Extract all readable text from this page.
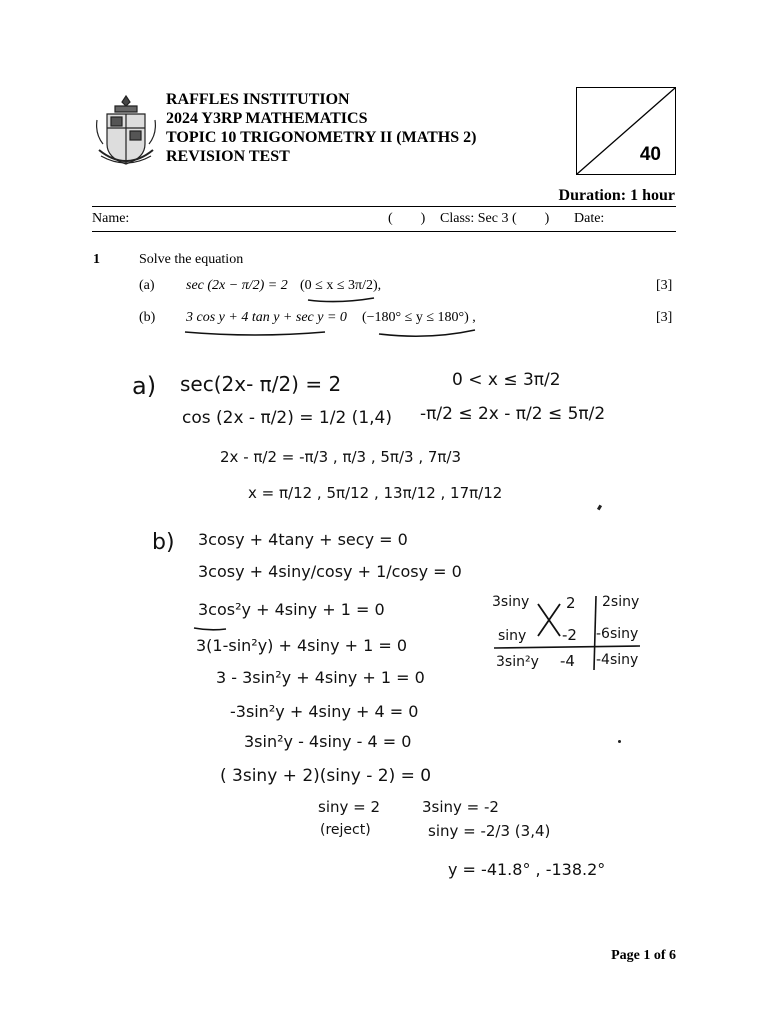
RAFFLES INSTITUTION
2024 Y3RP MATHEMATICS
TOPIC 10 TRIGONOMETRY II (MATHS 2)
REVISION TEST	40
Duration: 1 hour
Name:	(        ) Class: Sec 3 (        ) Date:
1	Solve the equation
(a) sec (2x − π/2) = 2 (0 ≤ x ≤ 3π/2),	[3]
(b) 3 cos y + 4 tan y + sec y = 0 (−180° ≤ y ≤ 180°) ,	[3]
a) sec(2x- π/2) = 2
cos (2x - π/2) = 1/2 (1,4)
0 < x ≤ 3π/2
-π/2 ≤ 2x - π/2 ≤ 5π/2
2x - π/2 = -π/3 , π/3 , 5π/3 , 7π/3
x = π/12 , 5π/12 , 13π/12 , 17π/12
b) 3cosy + 4tany + secy = 0
3cosy + 4siny/cosy + 1/cosy = 0
3cos²y + 4siny + 1 = 0
3(1-sin²y) + 4siny + 1 = 0
3 - 3sin²y + 4siny + 1 = 0
-3sin²y + 4siny + 4 = 0
3sin²y - 4siny - 4 = 0
( 3siny + 2)(siny - 2) = 0
siny = 2
(reject)
3siny = -2
siny = -2/3 (3,4)
y = -41.8° , -138.2°
3siny 2 2siny
siny -2 -6siny
3sin²y -4 -4siny
Page 1 of 6
